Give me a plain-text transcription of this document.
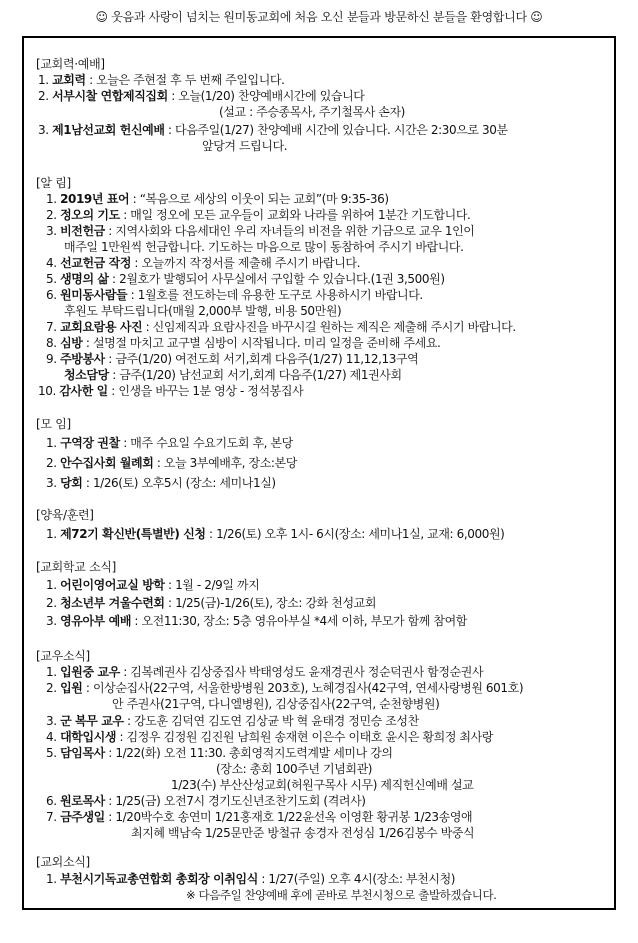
☺ 웃음과 사랑이 넘치는 원미동교회에 처음 오신 분들과 방문하신 분들을 환영합니다 ☺
[교회력·예배]
1. 교회력 : 오늘은 주현절 후 두 번째 주일입니다.
2. 서부시찰 연합제직집회 : 오늘(1/20) 찬양예배시간에 있습니다
(설교 : 주승종목사, 주기철목사 손자)
3. 제1남선교회 헌신예배 : 다음주일(1/27) 찬양예배 시간에 있습니다. 시간은 2:30으로 30분
앞당겨 드립니다.
[알 림]
1. 2019년 표어 : “복음으로 세상의 이웃이 되는 교회”(마 9:35-36)
2. 정오의 기도 : 매일 정오에 모든 교우들이 교회와 나라를 위하여 1분간 기도합니다.
3. 비전헌금 : 지역사회와 다음세대인 우리 자녀들의 비전을 위한 기금으로 교우 1인이
매주일 1만원씩 헌금합니다. 기도하는 마음으로 많이 동참하여 주시기 바랍니다.
4. 선교헌금 작정 : 오늘까지 작정서를 제출해 주시기 바랍니다.
5. 생명의 삶 : 2월호가 발행되어 사무실에서 구입할 수 있습니다.(1권 3,500원)
6. 원미동사람들 : 1월호를 전도하는데 유용한 도구로 사용하시기 바랍니다.
후원도 부탁드립니다(매월 2,000부 발행, 비용 50만원)
7. 교회요람용 사진 : 신임제직과 요람사진을 바꾸시길 원하는 제직은 제출해 주시기 바랍니다.
8. 심방 : 설명절 마치고 교구별 심방이 시작됩니다. 미리 일정을 준비해 주세요.
9. 주방봉사 : 금주(1/20) 여전도회 서기,회계 다음주(1/27) 11,12,13구역
청소담당 : 금주(1/20) 남선교회 서기,회계 다음주(1/27) 제1권사회
10. 감사한 일 : 인생을 바꾸는 1분 영상 - 정석봉집사
[모 임]
1. 구역장 권찰 : 매주 수요일 수요기도회 후, 본당
2. 안수집사회 월례회 : 오늘 3부예배후, 장소:본당
3. 당회 : 1/26(토) 오후5시 (장소: 세미나1실)
[양육/훈련]
1. 제72기 확신반(특별반) 신청 : 1/26(토) 오후 1시- 6시(장소: 세미나1실, 교재: 6,000원)
[교회학교 소식]
1. 어린이영어교실 방학 : 1월 - 2/9일 까지
2. 청소년부 겨울수련회 : 1/25(금)-1/26(토), 장소: 강화 천성교회
3. 영유아부 예배 : 오전11:30, 장소: 5층 영유아부실 *4세 이하, 부모가 함께 참여함
[교우소식]
1. 입원중 교우 : 김복례권사 김상중집사 박태영성도 윤재경권사 정순덕권사 함정순권사
2. 입원 : 이상순집사(22구역, 서울한방병원 203호), 노혜경집사(42구역, 연세사랑병원 601호)
안 주권사(21구역, 다니엘병원), 김상중집사(22구역, 순천향병원)
3. 군 복무 교우 : 강도훈 김덕연 김도연 김상균 박 혁 윤태경 정민승 조성찬
4. 대학입시생 : 김정우 김정원 김진원 남희원 송재현 이은수 이태호 윤시은 황희정 최사랑
5. 담임목사 : 1/22(화) 오전 11:30. 총회영적지도력계발 세미나 강의
(장소: 총회 100주년 기념회관)
1/23(수) 부산산성교회(허원구목사 시무) 제직헌신예배 설교
6. 원로목사 : 1/25(금) 오전7시 경기도신년조찬기도회 (격려사)
7. 금주생일 : 1/20박수호 송연미 1/21홍재호 1/22윤선옥 이영환 황귀봉 1/23송영애
최지혜 백남숙 1/25문만준 방철규 송경자 전성심 1/26김봉수 박중식
[교외소식]
1. 부천시기독교총연합회 총회장 이취임식 : 1/27(주일) 오후 4시(장소: 부천시청)
※ 다음주일 찬양예배 후에 곧바로 부천시청으로 출발하겠습니다.
